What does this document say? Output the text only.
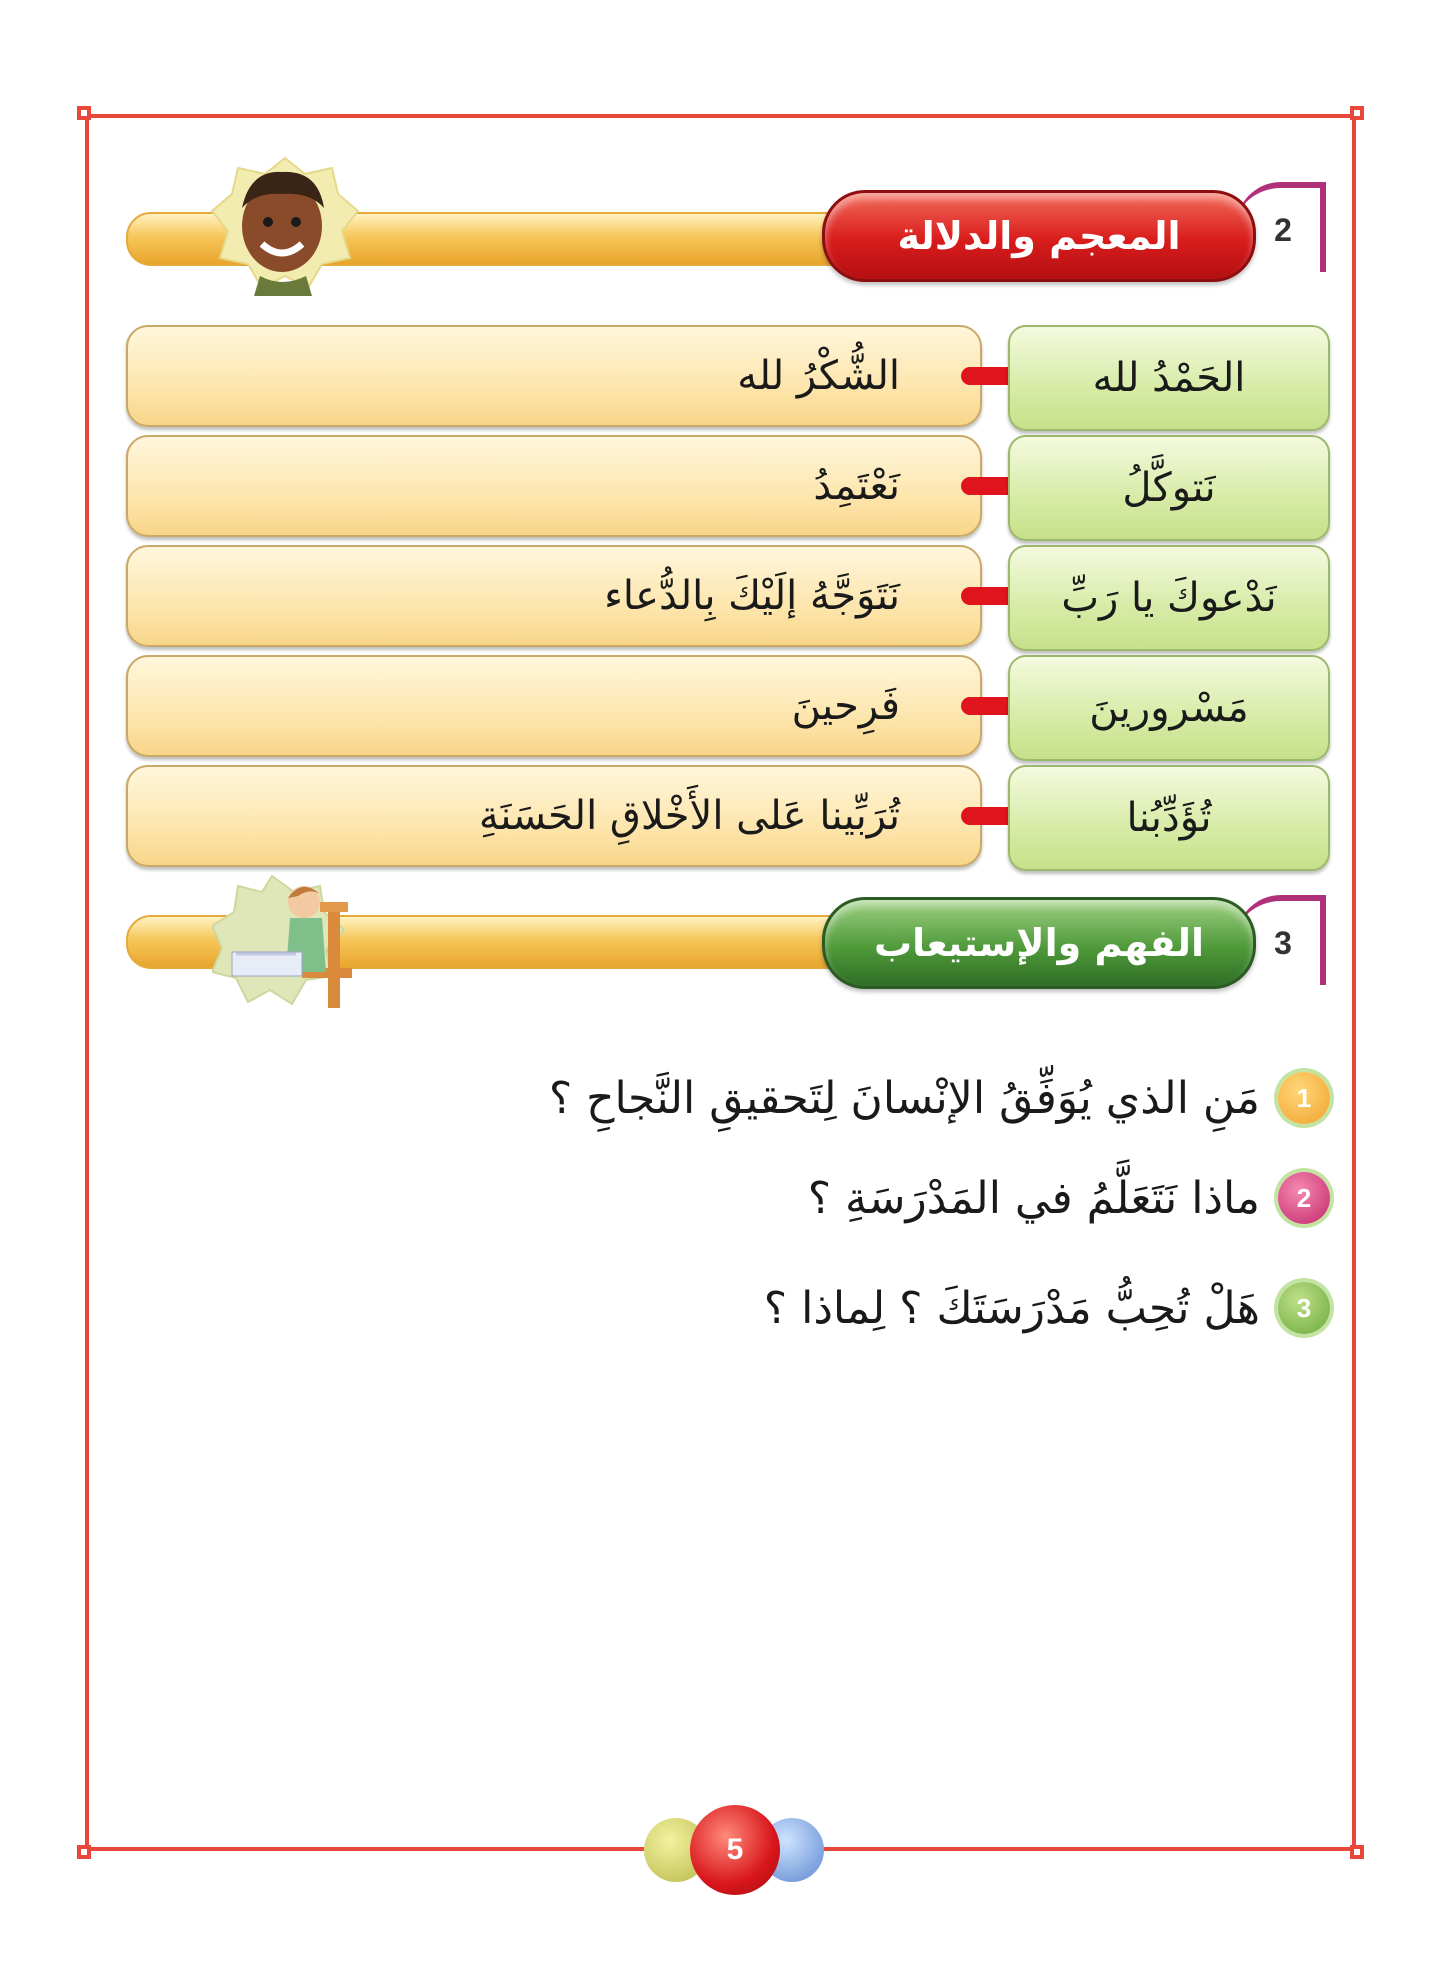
2
المعجم والدلالة
الشُّكْرُ لله	الحَمْدُ لله
نَعْتَمِدُ	نَتوكَّلُ
نَتَوَجَّهُ إلَيْكَ بِالدُّعاء	نَدْعوكَ يا رَبِّ
فَرِحينَ	مَسْرورينَ
تُرَبِّينا عَلى الأَخْلاقِ الحَسَنَةِ	تُؤَدِّبُنا
3
الفهم والإستيعاب
1
مَنِ الذي يُوَفِّقُ الإنْسانَ لِتَحقيقِ النَّجاحِ ؟
2
ماذا نَتَعَلَّمُ في المَدْرَسَةِ ؟
3
هَلْ تُحِبُّ مَدْرَسَتَكَ ؟ لِماذا ؟
5
